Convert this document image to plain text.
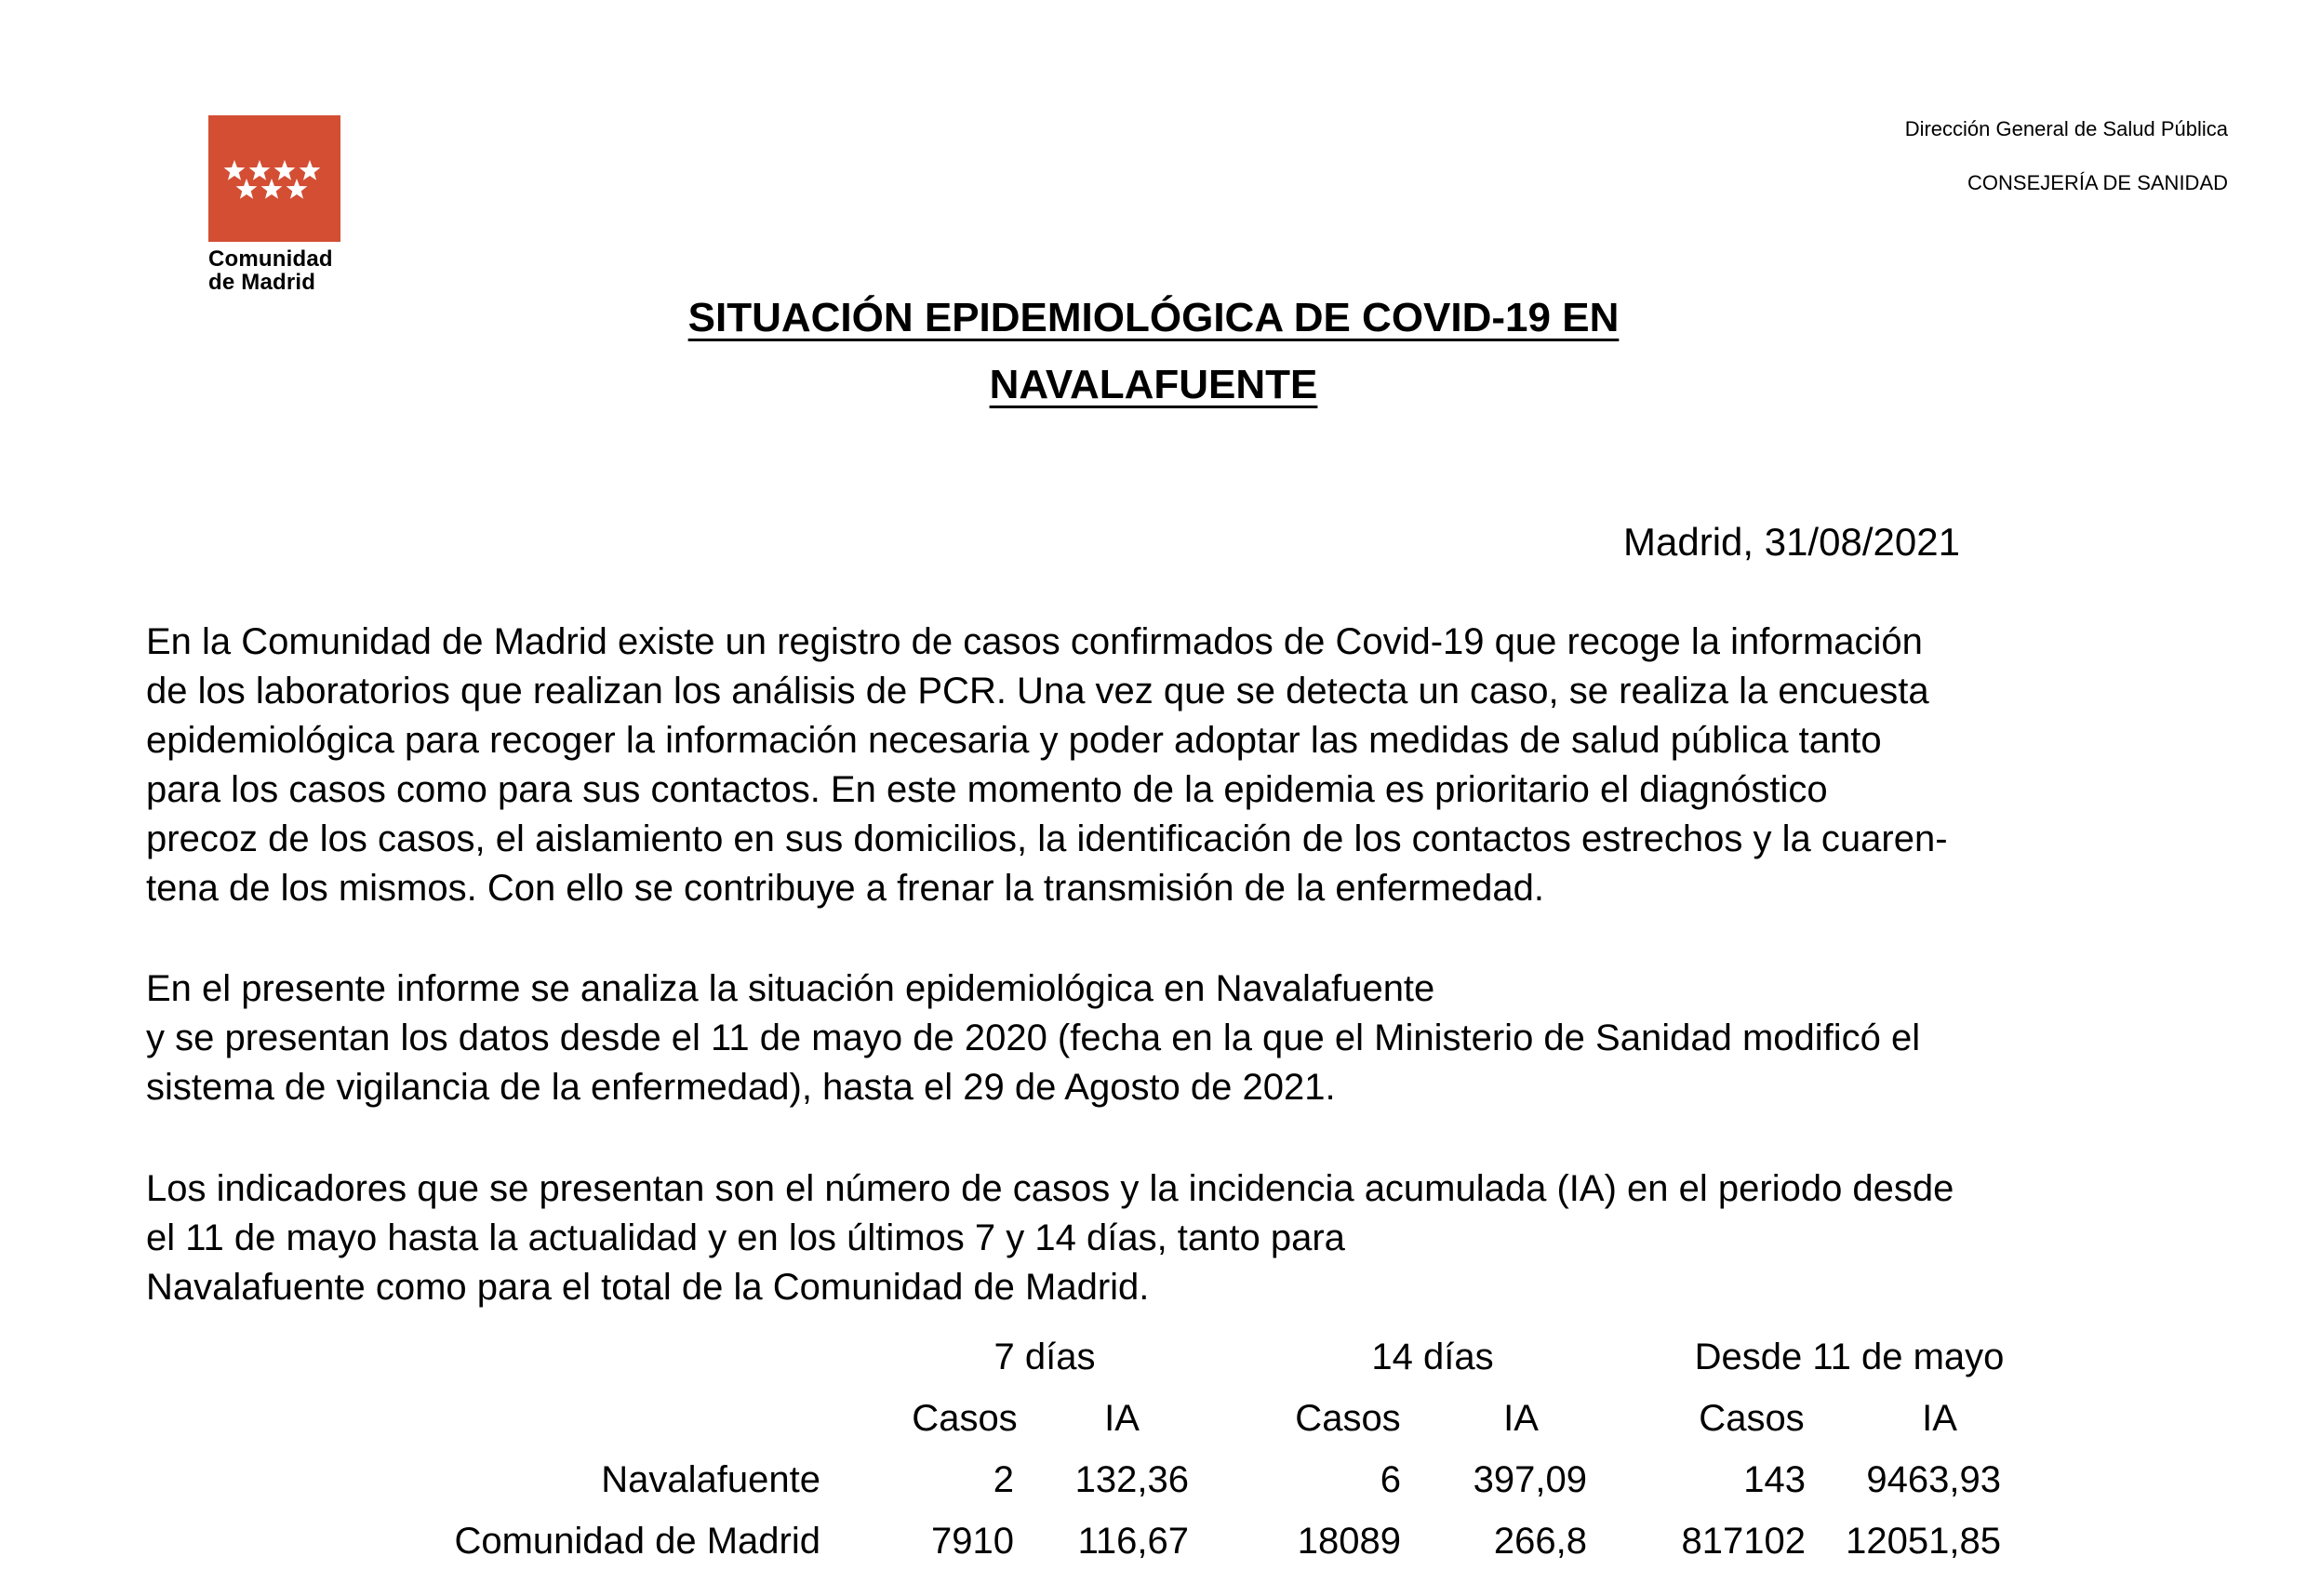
Comunidad
de Madrid
Dirección General de Salud Pública
CONSEJERÍA DE SANIDAD
SITUACIÓN EPIDEMIOLÓGICA DE COVID-19 EN
NAVALAFUENTE
Madrid, 31/08/2021
En la Comunidad de Madrid existe un registro de casos confirmados de Covid-19 que recoge la información
de los laboratorios que realizan los análisis de PCR. Una vez que se detecta un caso, se realiza la encuesta
epidemiológica para recoger la información necesaria y poder adoptar las medidas de salud pública tanto
para los casos como para sus contactos. En este momento de la epidemia es prioritario el diagnóstico
precoz de los casos, el aislamiento en sus domicilios, la identificación de los contactos estrechos y la cuaren-
tena de los mismos. Con ello se contribuye a frenar la transmisión de la enfermedad.
En el presente informe se analiza la situación epidemiológica en Navalafuente
y se presentan los datos desde el 11 de mayo de 2020 (fecha en la que el Ministerio de Sanidad modificó el
sistema de vigilancia de la enfermedad), hasta el 29 de Agosto de 2021.
Los indicadores que se presentan son el número de casos y la incidencia acumulada (IA) en el periodo desde
el 11 de mayo hasta la actualidad y en los últimos 7 y 14 días, tanto para
Navalafuente como para el total de la Comunidad de Madrid.
7 días	14 días	Desde 11 de mayo
Casos IA	Casos	IA	Casos	IA
Navalafuente	2 132,36	6 397,09	143 9463,93
Comunidad de Madrid	7910 116,67	18089 266,8	817102 12051,85
